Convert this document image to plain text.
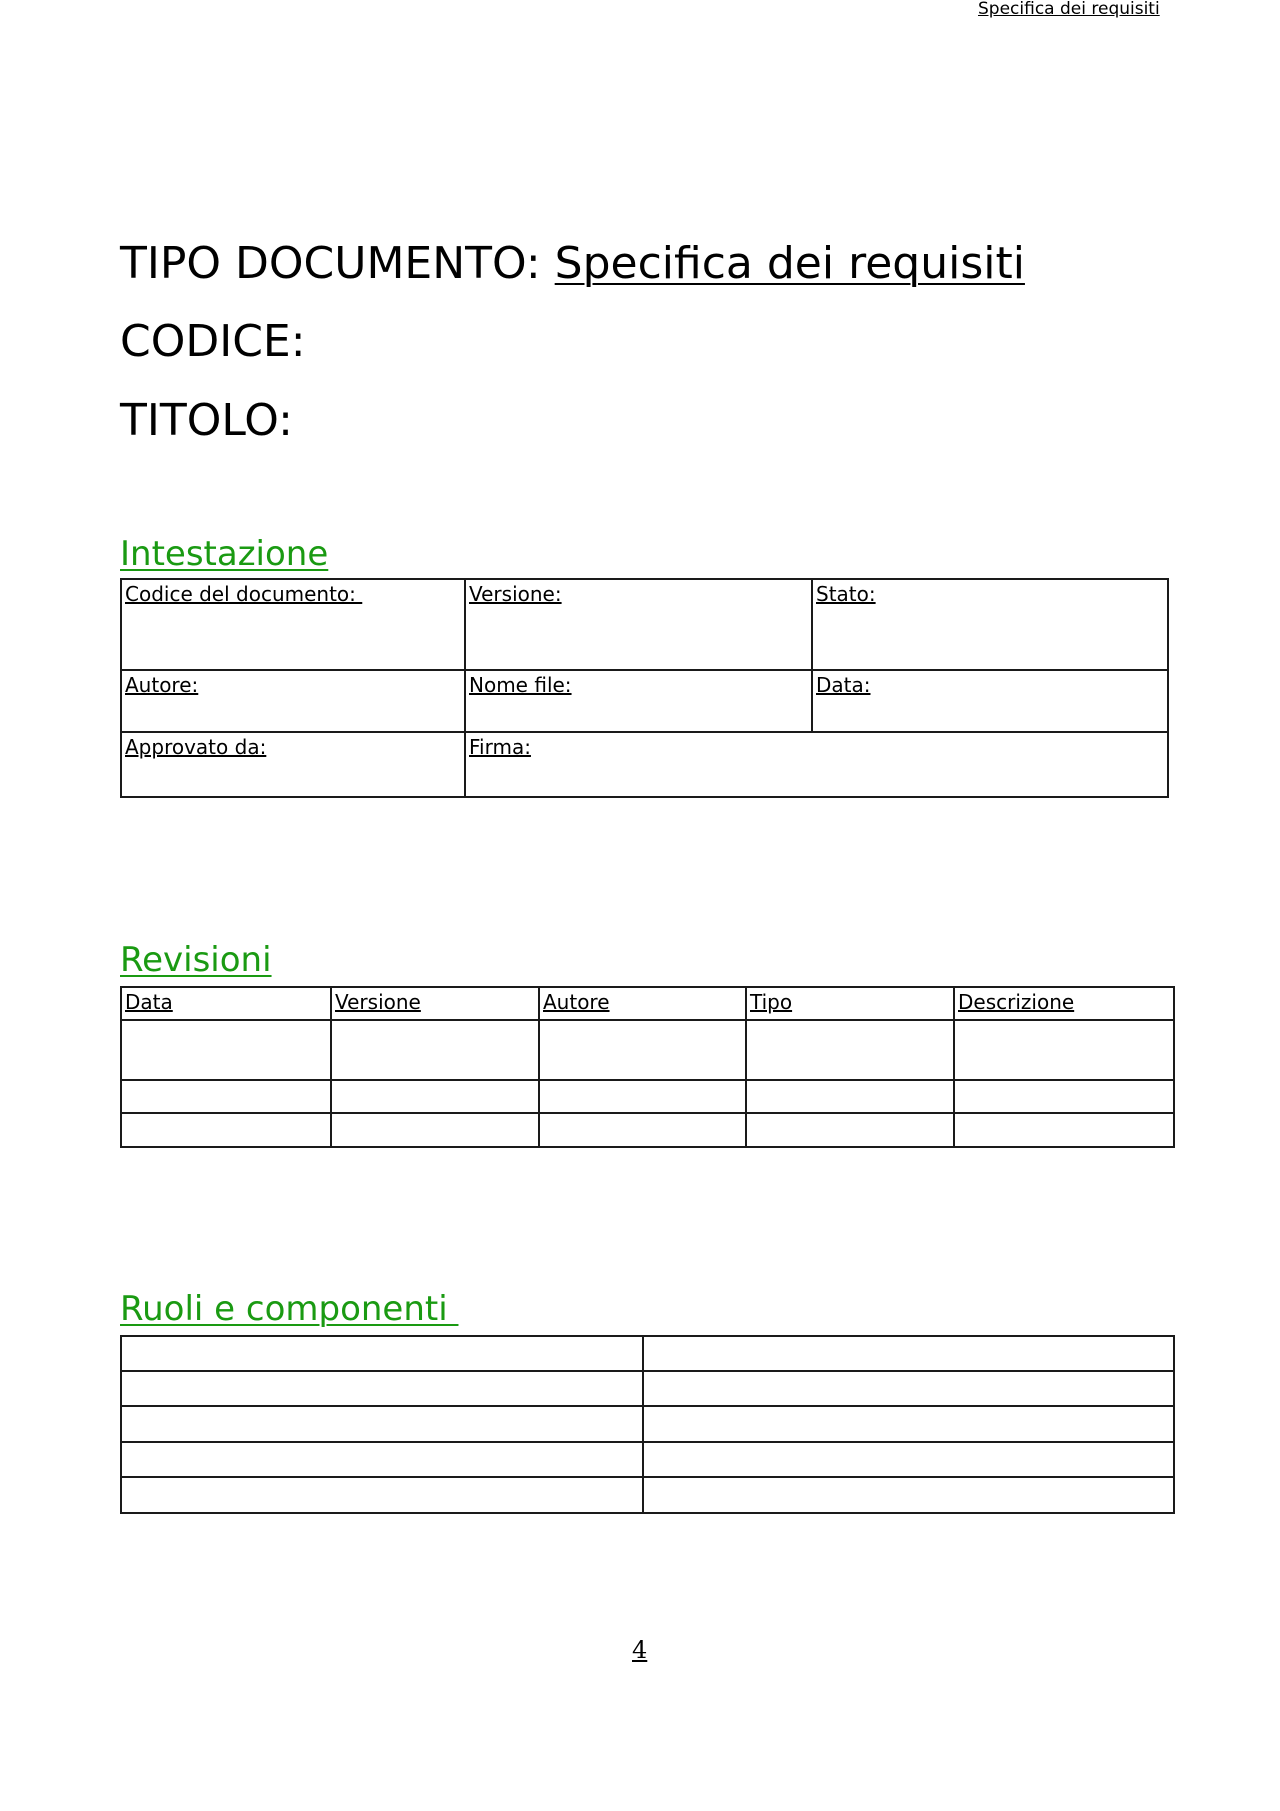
Specifica dei requisiti
TIPO DOCUMENTO: Specifica dei requisiti
CODICE:
TITOLO:
Intestazione
Codice del documento:	Versione:	Stato:
Autore:	Nome file:	Data:
Approvato da:	Firma:	
Revisioni
Data	Versione	Autore	Tipo	Descrizione

Ruoli e componenti

4
